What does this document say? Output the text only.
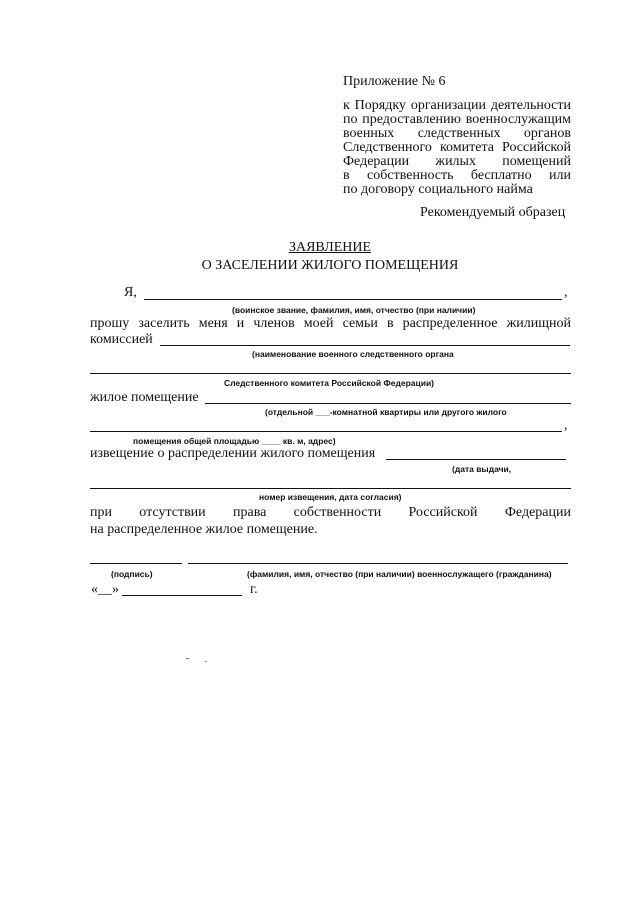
Приложение № 6
к Порядку организации деятельности
по предоставлению военнослужащим
военных следственных органов
Следственного комитета Российской
Федерации жилых помещений
в собственность бесплатно или
по договору социального найма
Рекомендуемый образец
ЗАЯВЛЕНИЕ
О ЗАСЕЛЕНИИ ЖИЛОГО ПОМЕЩЕНИЯ
Я,	,
(воинское звание, фамилия, имя, отчество (при наличии)
прошу заселить меня и членов моей семьи в распределенное жилищной
комиссией
(наименование военного следственного органа
Следственного комитета Российской Федерации)
жилое помещение
(отдельной ___-комнатной квартиры или другого жилого
,
помещения общей площадью ____ кв. м, адрес)
извещение о распределении жилого помещения
(дата выдачи,
номер извещения, дата согласия)
при отсутствии права собственности Российской Федерации
на распределенное жилое помещение.
(подпись)	(фамилия, имя, отчество (при наличии) военнослужащего (гражданина)
«__»	г.
